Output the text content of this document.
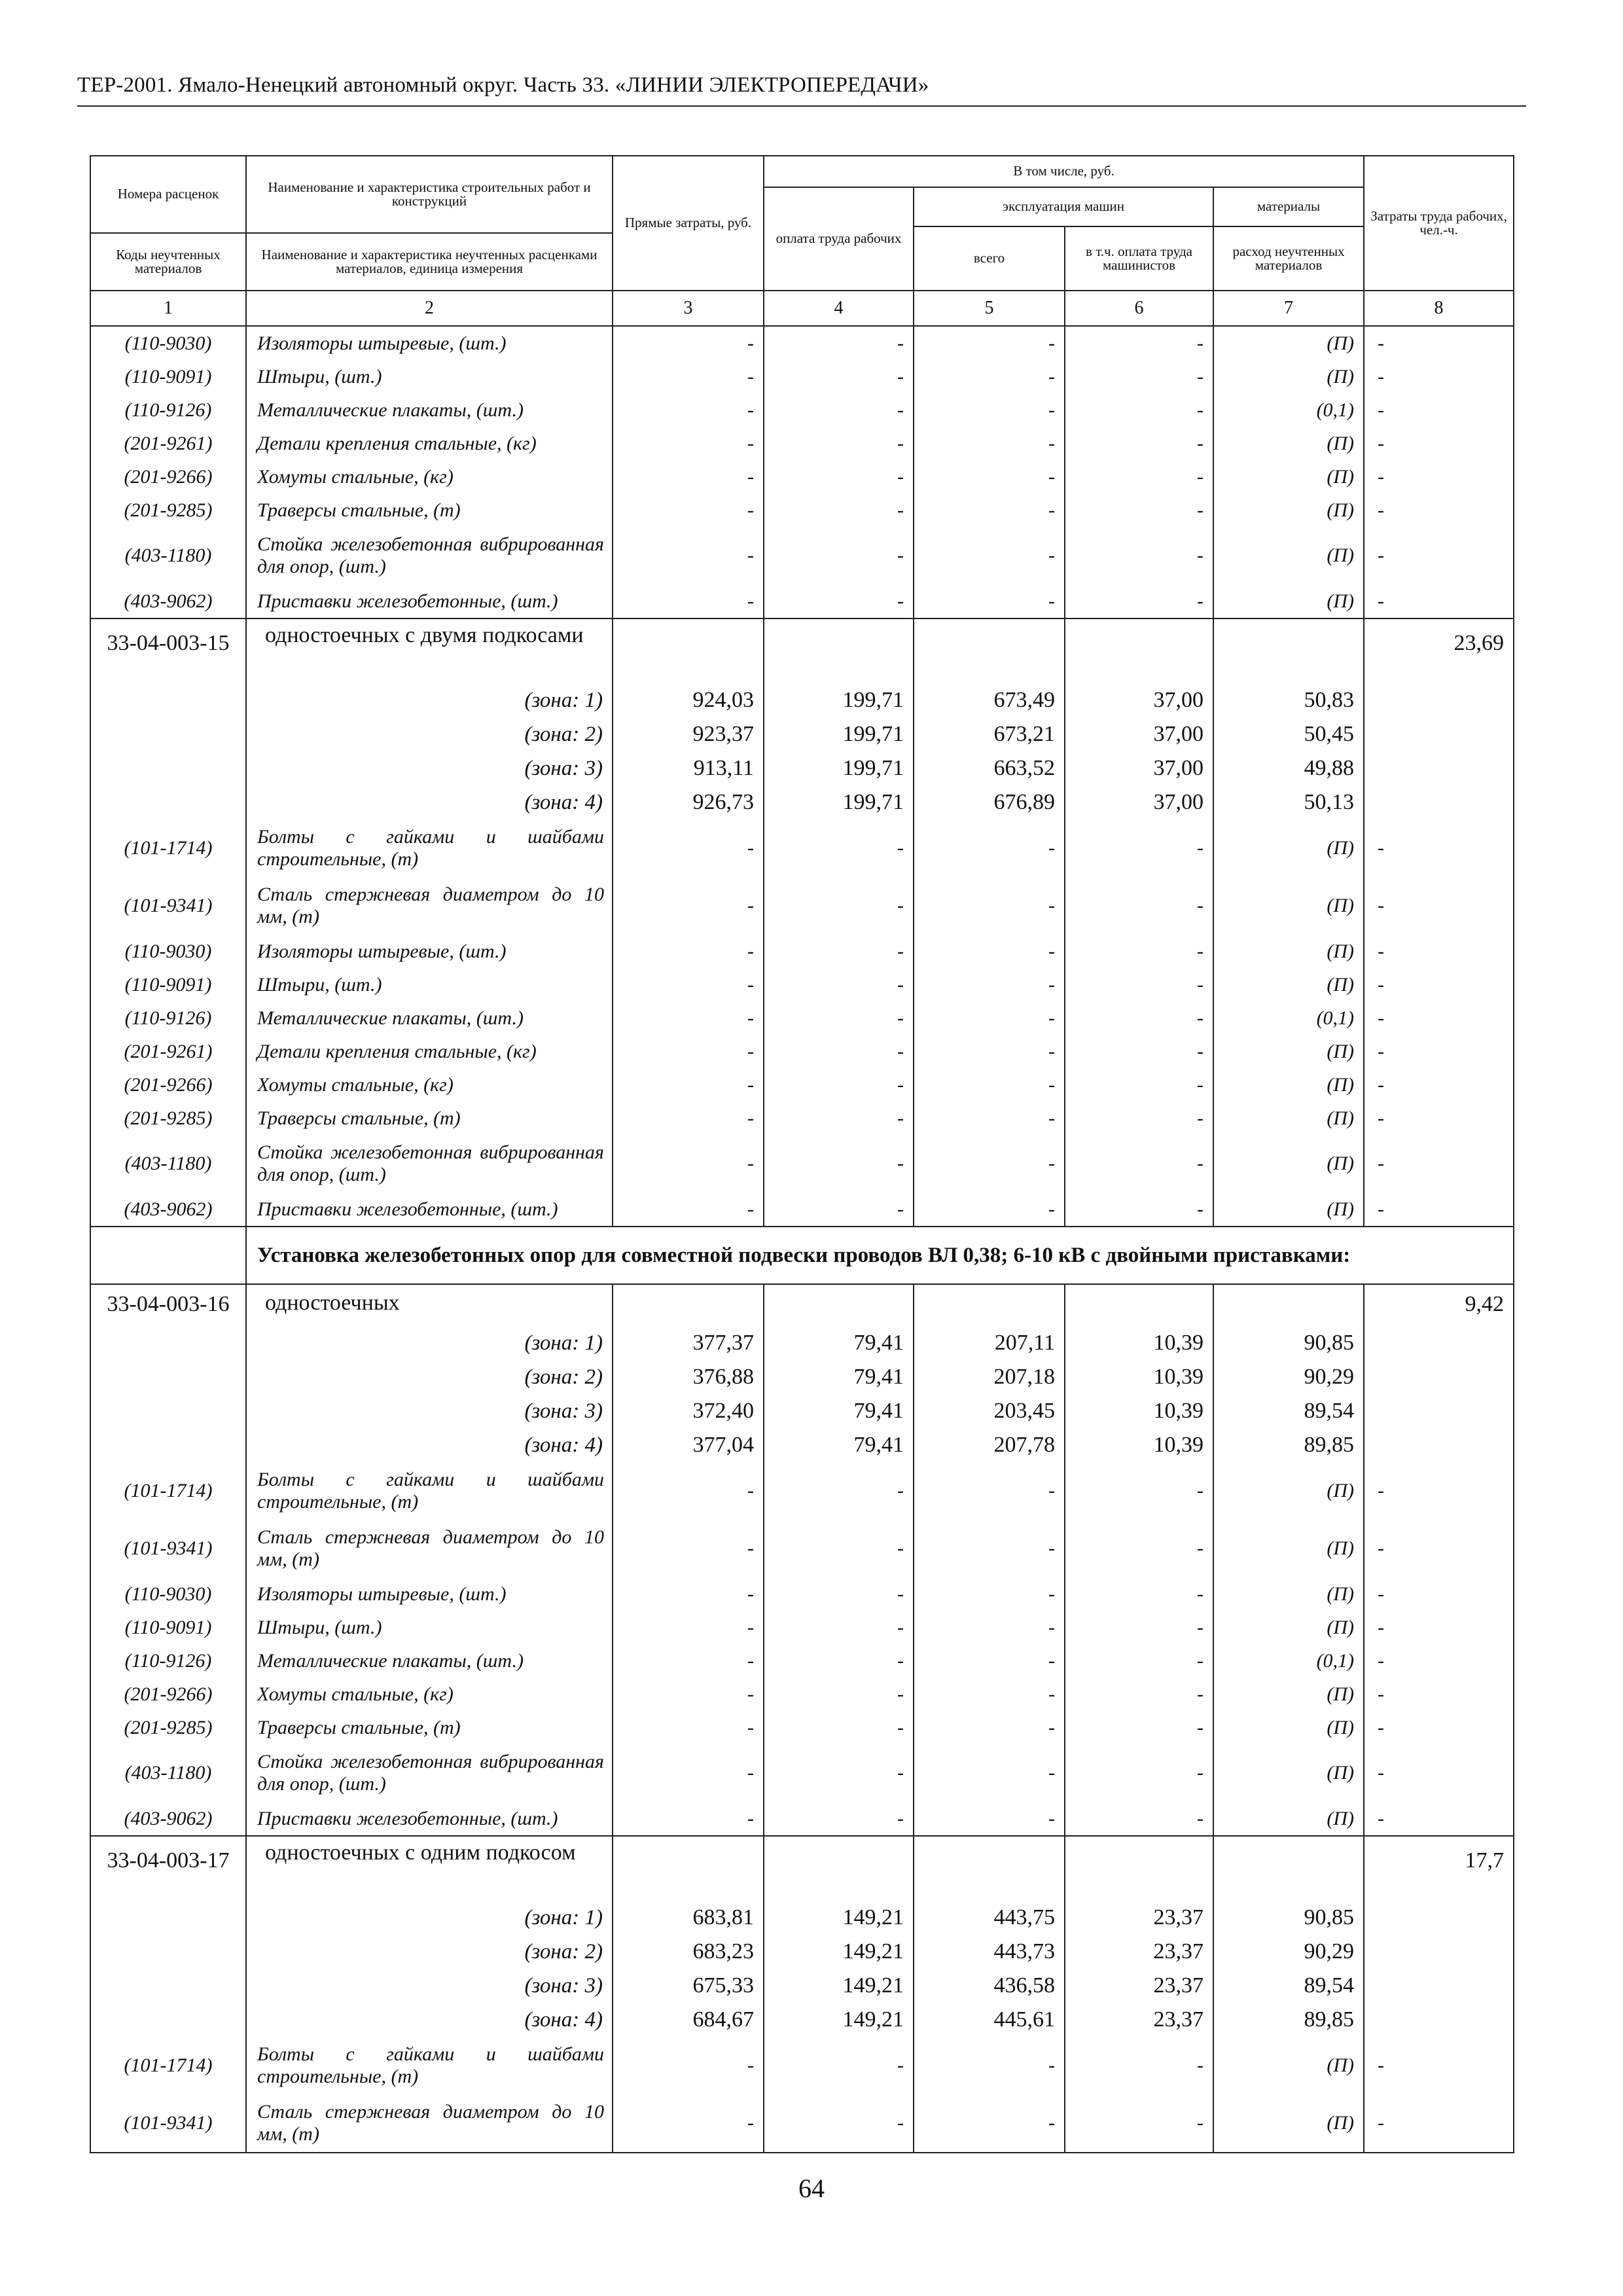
ТЕР-2001. Ямало-Ненецкий автономный округ. Часть 33. «ЛИНИИ ЭЛЕКТРОПЕРЕДАЧИ»
Номера расценок	Наименование и характеристика строительных работ и конструкций	Прямые затраты, руб.	В том числе, руб.				Затраты труда рабочих, чел.-ч.
			оплата труда рабочих	эксплуатация машин		материалы	
				всего	в т.ч. оплата труда машинистов	расход неучтенных материалов	
Коды неучтенных материалов	Наименование и характеристика неучтенных расценками материалов, единица измерения						
1	2	3	4	5	6	7	8
(110-9030)	Изоляторы штыревые, (шт.)	-	-	-	-	(П)	-
(110-9091)	Штыри, (шт.)	-	-	-	-	(П)	-
(110-9126)	Металлические плакаты, (шт.)	-	-	-	-	(0,1)	-
(201-9261)	Детали крепления стальные, (кг)	-	-	-	-	(П)	-
(201-9266)	Хомуты стальные, (кг)	-	-	-	-	(П)	-
(201-9285)	Траверсы стальные, (т)	-	-	-	-	(П)	-
(403-1180)	Стойка железобетонная вибрированная для опор, (шт.)	-	-	-	-	(П)	-
(403-9062)	Приставки железобетонные, (шт.)	-	-	-	-	(П)	-
33-04-003-15	одностоечных с двумя подкосами						23,69
	(зона: 1)	924,03	199,71	673,49	37,00	50,83	
	(зона: 2)	923,37	199,71	673,21	37,00	50,45	
	(зона: 3)	913,11	199,71	663,52	37,00	49,88	
	(зона: 4)	926,73	199,71	676,89	37,00	50,13	
(101-1714)	Болты с гайками и шайбами строительные, (т)	-	-	-	-	(П)	-
(101-9341)	Сталь стержневая диаметром до 10 мм, (т)	-	-	-	-	(П)	-
(110-9030)	Изоляторы штыревые, (шт.)	-	-	-	-	(П)	-
(110-9091)	Штыри, (шт.)	-	-	-	-	(П)	-
(110-9126)	Металлические плакаты, (шт.)	-	-	-	-	(0,1)	-
(201-9261)	Детали крепления стальные, (кг)	-	-	-	-	(П)	-
(201-9266)	Хомуты стальные, (кг)	-	-	-	-	(П)	-
(201-9285)	Траверсы стальные, (т)	-	-	-	-	(П)	-
(403-1180)	Стойка железобетонная вибрированная для опор, (шт.)	-	-	-	-	(П)	-
(403-9062)	Приставки железобетонные, (шт.)	-	-	-	-	(П)	-
	Установка железобетонных опор для совместной подвески проводов ВЛ 0,38; 6-10 кВ с двойными приставками:						
33-04-003-16	одностоечных						9,42
	(зона: 1)	377,37	79,41	207,11	10,39	90,85	
	(зона: 2)	376,88	79,41	207,18	10,39	90,29	
	(зона: 3)	372,40	79,41	203,45	10,39	89,54	
	(зона: 4)	377,04	79,41	207,78	10,39	89,85	
(101-1714)	Болты с гайками и шайбами строительные, (т)	-	-	-	-	(П)	-
(101-9341)	Сталь стержневая диаметром до 10 мм, (т)	-	-	-	-	(П)	-
(110-9030)	Изоляторы штыревые, (шт.)	-	-	-	-	(П)	-
(110-9091)	Штыри, (шт.)	-	-	-	-	(П)	-
(110-9126)	Металлические плакаты, (шт.)	-	-	-	-	(0,1)	-
(201-9266)	Хомуты стальные, (кг)	-	-	-	-	(П)	-
(201-9285)	Траверсы стальные, (т)	-	-	-	-	(П)	-
(403-1180)	Стойка железобетонная вибрированная для опор, (шт.)	-	-	-	-	(П)	-
(403-9062)	Приставки железобетонные, (шт.)	-	-	-	-	(П)	-
33-04-003-17	одностоечных с одним подкосом						17,7
	(зона: 1)	683,81	149,21	443,75	23,37	90,85	
	(зона: 2)	683,23	149,21	443,73	23,37	90,29	
	(зона: 3)	675,33	149,21	436,58	23,37	89,54	
	(зона: 4)	684,67	149,21	445,61	23,37	89,85	
(101-1714)	Болты с гайками и шайбами строительные, (т)	-	-	-	-	(П)	-
(101-9341)	Сталь стержневая диаметром до 10 мм, (т)	-	-	-	-	(П)	-

64
